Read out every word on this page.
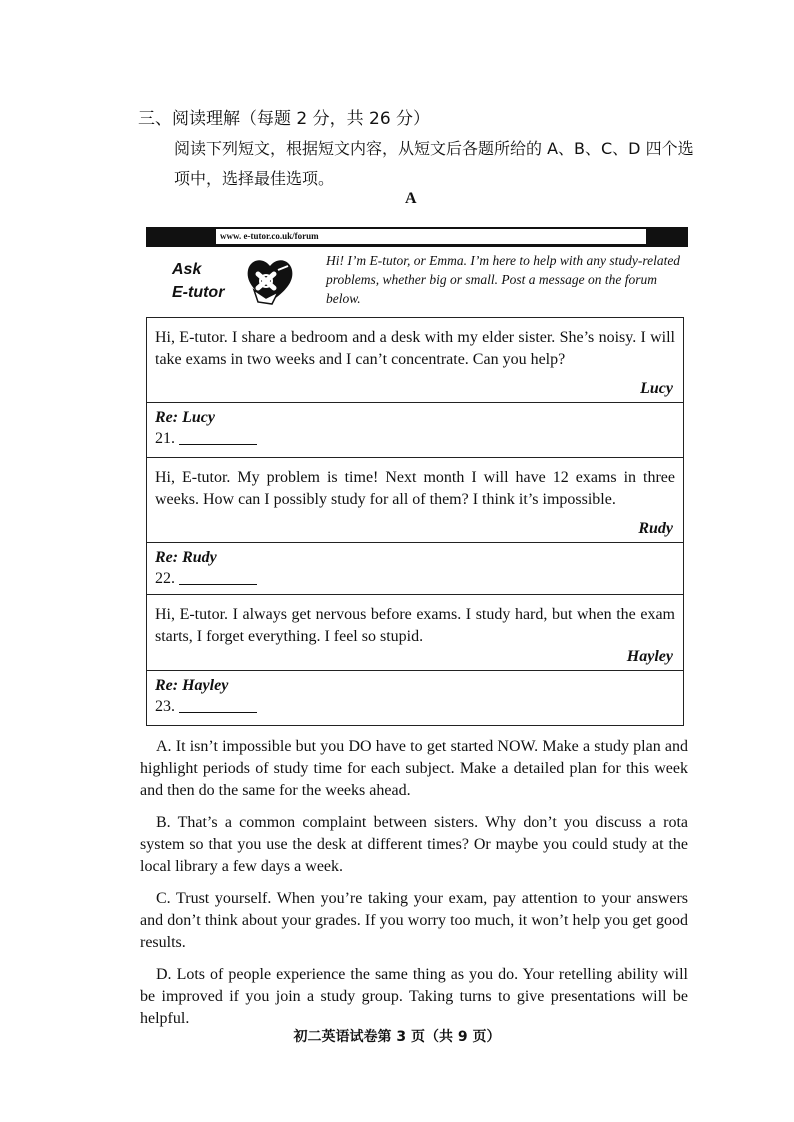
三、阅读理解（每题 2 分，共 26 分）
阅读下列短文，根据短文内容，从短文后各题所给的 A、B、C、D 四个选项中，选择最佳选项。
A
www. e-tutor.co.uk/forum
Ask
E-tutor
Hi! I’m E-tutor, or Emma. I’m here to help with any study-related problems, whether big or small. Post a message on the forum below.
Hi, E-tutor. I share a bedroom and a desk with my elder sister. She’s noisy. I will take exams in two weeks and I can’t concentrate. Can you help?
Lucy
Re: Lucy
21.
Hi, E-tutor. My problem is time! Next month I will have 12 exams in three weeks. How can I possibly study for all of them? I think it’s impossible.
Rudy
Re: Rudy
22.
Hi, E-tutor. I always get nervous before exams. I study hard, but when the exam starts, I forget everything. I feel so stupid.
Hayley
Re: Hayley
23.

A. It isn’t impossible but you DO have to get started NOW. Make a study plan and highlight periods of study time for each subject. Make a detailed plan for this week and then do the same for the weeks ahead.

B. That’s a common complaint between sisters. Why don’t you discuss a rota system so that you use the desk at different times? Or maybe you could study at the local library a few days a week.

C. Trust yourself. When you’re taking your exam, pay attention to your answers and don’t think about your grades. If you worry too much, it won’t help you get good results.

D. Lots of people experience the same thing as you do. Your retelling ability will be improved if you join a study group. Taking turns to give presentations will be helpful.

初二英语试卷第 3 页（共 9 页）
